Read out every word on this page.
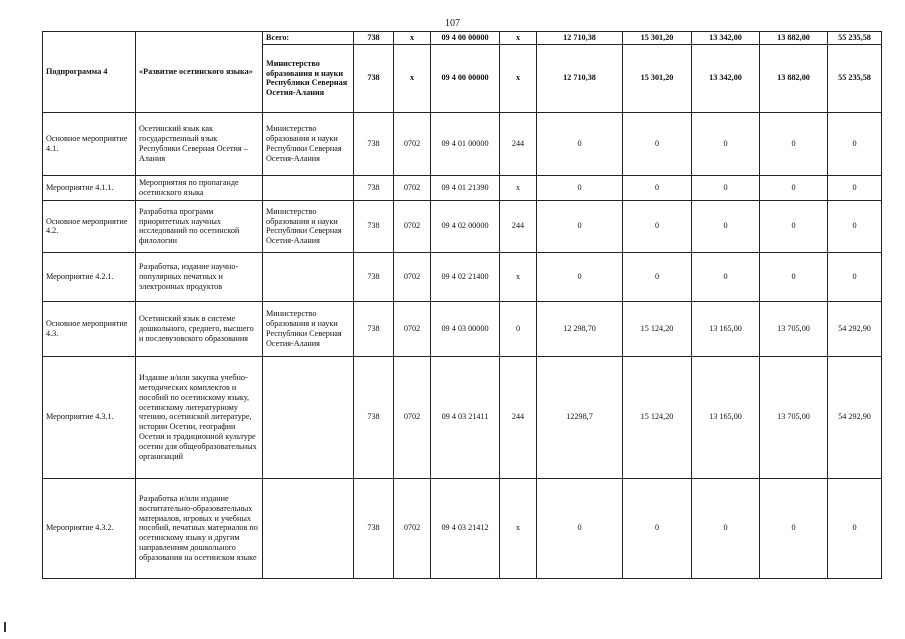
107
Подпрограмма 4	«Развитие осетинского языка»	Всего:	738	x	09 4 00 00000	x	12 710,38	15 301,20	13 342,00	13 882,00	55 235,58
		Министерство образования и науки Республики Северная Осетия-Алания	738	x	09 4 00 00000	x	12 710,38	15 301,20	13 342,00	13 882,00	55 235,58
Основное мероприятие 4.1.	Осетинский язык как государственный язык Республики Северная Осетия – Алания	Министерство образования и науки Республики Северная Осетия-Алания	738	0702	09 4 01 00000	244	0	0	0	0	0
Мероприятие 4.1.1.	Мероприятия по пропаганде осетинского языка		738	0702	09 4 01 21390	x	0	0	0	0	0
Основное мероприятие 4.2.	Разработка программ приоритетных научных исследований по осетинской филологии	Министерство образования и науки Республики Северная Осетия-Алания	738	0702	09 4 02 00000	244	0	0	0	0	0
Мероприятие 4.2.1.	Разработка, издание научно-популярных печатных и электронных продуктов		738	0702	09 4 02 21400	x	0	0	0	0	0
Основное мероприятие 4.3.	Осетинский язык в системе дошкольного, среднего, высшего и послевузовского образования	Министерство образования и науки Республики Северная Осетия-Алания	738	0702	09 4 03 00000	0	12 298,70	15 124,20	13 165,00	13 705,00	54 292,90
Мероприятие 4.3.1.	Издание и/или закупка учебно-методических комплектов и пособий по осетинскому языку, осетинскому литературному чтению, осетинской литературе, истории Осетии, географии Осетии и традиционной культуре осетин для общеобразовательных организаций		738	0702	09 4 03 21411	244	12298,7	15 124,20	13 165,00	13 705,00	54 292,90
Мероприятие 4.3.2.	Разработка и/или издание воспитательно-образовательных материалов, игровых и учебных пособий, печатных материалов по осетинскому языку и другим направлениям дошкольного образования на осетинском языке		738	0702	09 4 03 21412	x	0	0	0	0	0
